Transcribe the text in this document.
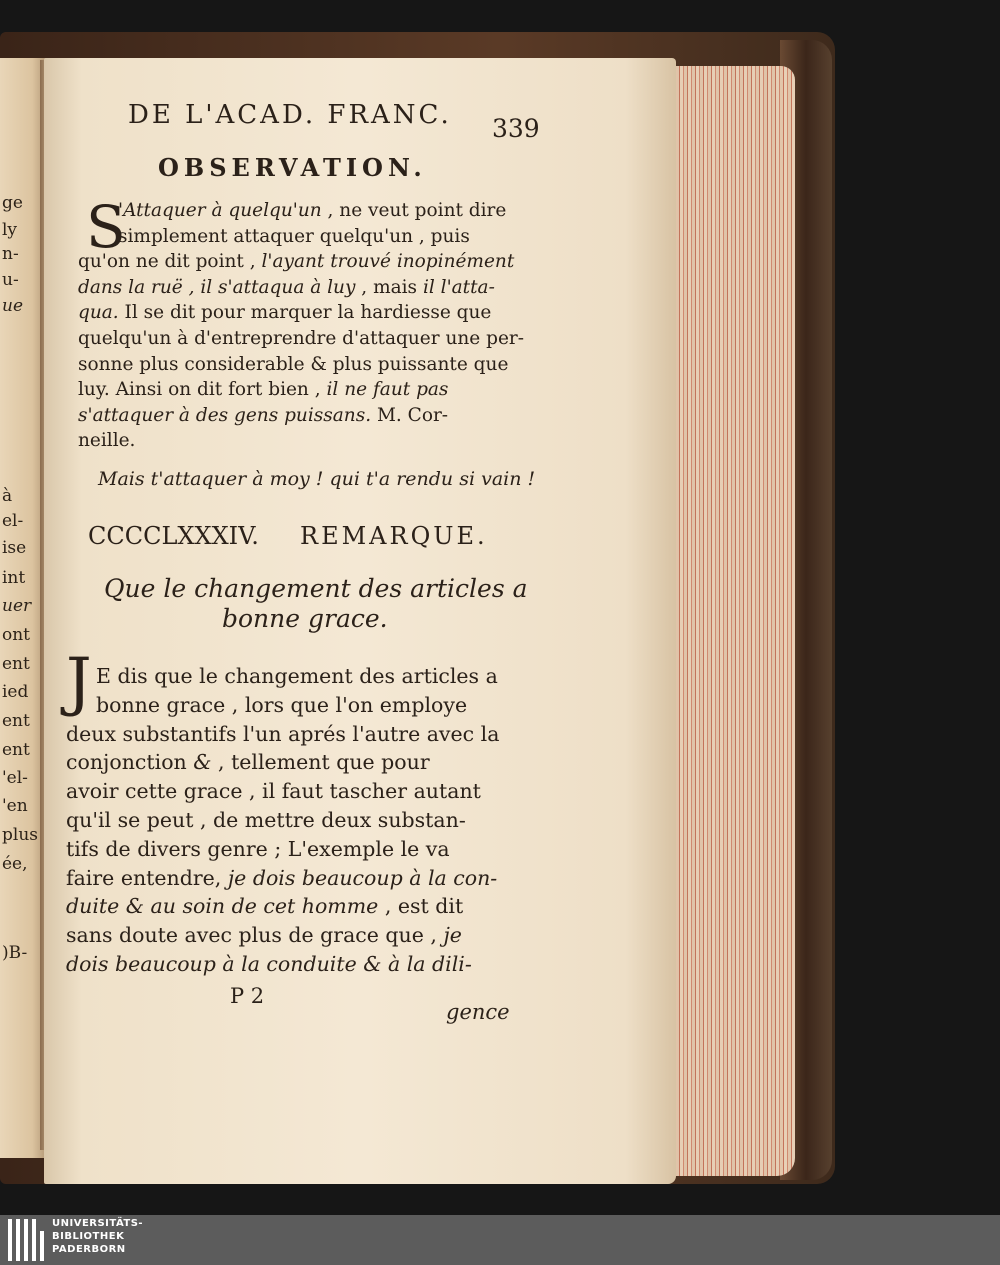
ge
ly
n-
u-
ue
à
el-
ise
int
uer
ont
ent
ied
ent
ent
'el-
'en
plus
ée,
)B-
DE L'ACAD. FRANC. 339
OBSERVATION.
S
'Attaquer à quelqu'un , ne veut point dire
simplement attaquer quelqu'un , puis
qu'on ne dit point , l'ayant trouvé inopinément
dans la ruë , il s'attaqua à luy , mais il l'atta-
qua. Il se dit pour marquer la hardiesse que
quelqu'un à d'entreprendre d'attaquer une per-
sonne plus considerable & plus puissante que
luy. Ainsi on dit fort bien , il ne faut pas
s'attaquer à des gens puissans. M. Cor-
neille.
Mais t'attaquer à moy ! qui t'a rendu si vain !
CCCCLXXXIV. REMARQUE.
Que le changement des articles a
bonne grace.
J E dis que le changement des articles a
bonne grace , lors que l'on employe
deux substantifs l'un aprés l'autre avec la
conjonction & , tellement que pour
avoir cette grace , il faut tascher autant
qu'il se peut , de mettre deux substan-
tifs de divers genre ; L'exemple le va
faire entendre, je dois beaucoup à la con-
duite & au soin de cet homme , est dit
sans doute avec plus de grace que , je
dois beaucoup à la conduite & à la dili-
P 2
gence
UNIVERSITÄTS-
BIBLIOTHEK
PADERBORN
